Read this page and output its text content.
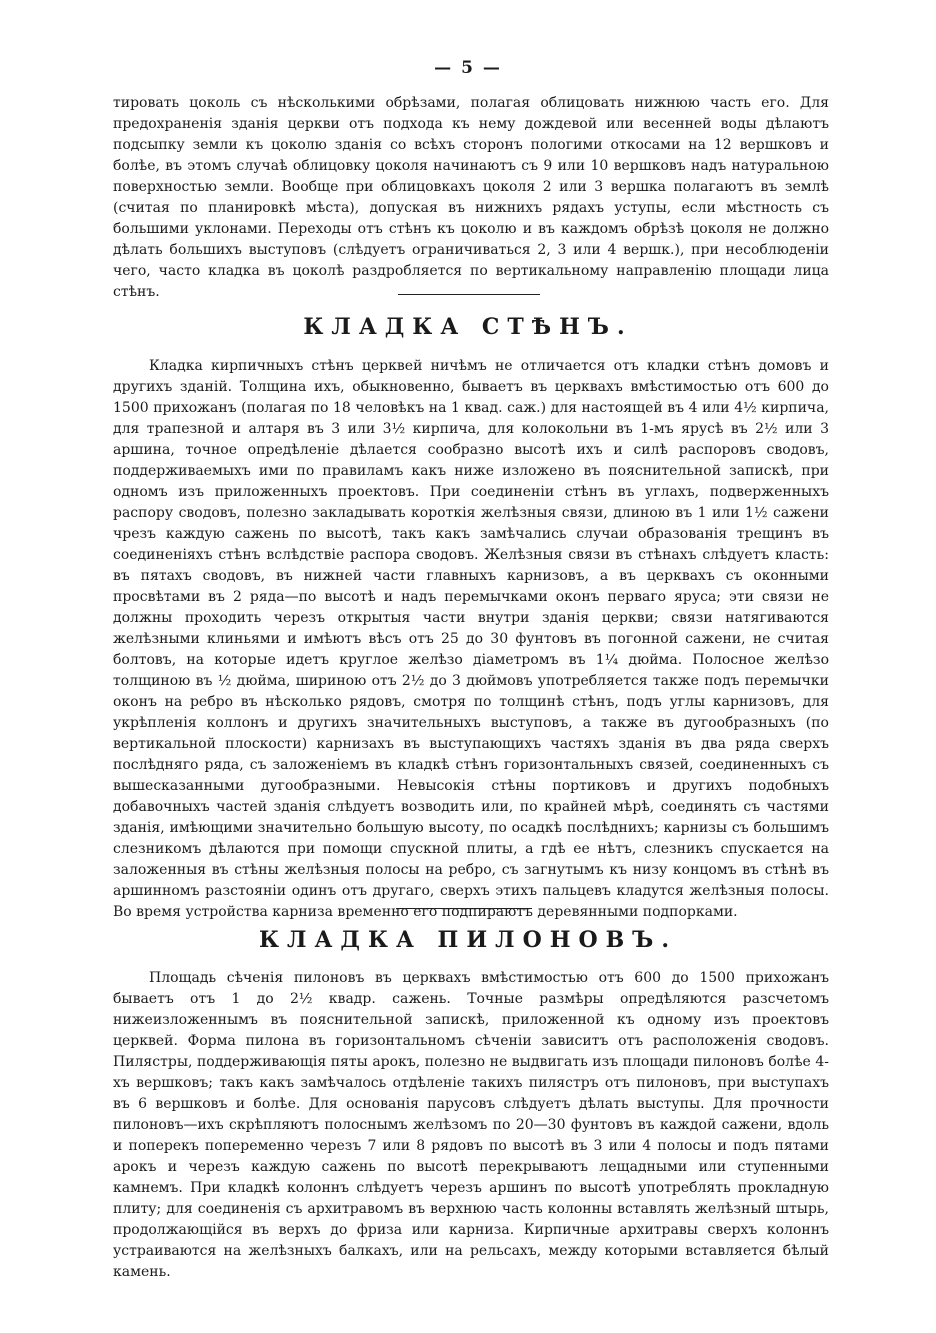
— 5 —

тировать цоколь съ нѣсколькими обрѣзами, полагая облицовать нижнюю часть его. Для предохраненія зданія церкви отъ подхода къ нему дождевой или весенней воды дѣлаютъ подсыпку земли къ цоколю зданія со всѣхъ сторонъ пологими откосами на 12 вершковъ и болѣе, въ этомъ случаѣ облицовку цоколя начинаютъ съ 9 или 10 вершковъ надъ натуральною поверхностью земли. Вообще при облицовкахъ цоколя 2 или 3 вершка полагаютъ въ землѣ (считая по планировкѣ мѣста), допуская въ нижнихъ рядахъ уступы, если мѣстность съ большими уклонами. Переходы отъ стѣнъ къ цоколю и въ каждомъ обрѣзѣ цоколя не должно дѣлать большихъ выступовъ (слѣдуетъ ограничиваться 2, 3 или 4 вершк.), при несоблюденіи чего, часто кладка въ цоколѣ раздробляется по вертикальному направленію площади лица стѣнъ.

КЛАДКА СТѢНЪ.

Кладка кирпичныхъ стѣнъ церквей ничѣмъ не отличается отъ кладки стѣнъ домовъ и другихъ зданій. Толщина ихъ, обыкновенно, бываетъ въ церквахъ вмѣстимостью отъ 600 до 1500 прихожанъ (полагая по 18 человѣкъ на 1 квад. саж.) для настоящей въ 4 или 4½ кирпича, для трапезной и алтаря въ 3 или 3½ кирпича, для колокольни въ 1-мъ ярусѣ въ 2½ или 3 аршина, точное опредѣленіе дѣлается сообразно высотѣ ихъ и силѣ распоровъ сводовъ, поддерживаемыхъ ими по правиламъ какъ ниже изложено въ пояснительной запискѣ, при одномъ изъ приложенныхъ проектовъ. При соединеніи стѣнъ въ углахъ, подверженныхъ распору сводовъ, полезно закладывать короткія желѣзныя связи, длиною въ 1 или 1½ сажени чрезъ каждую сажень по высотѣ, такъ какъ замѣчались случаи образованія трещинъ въ соединеніяхъ стѣнъ вслѣдствіе распора сводовъ. Желѣзныя связи въ стѣнахъ слѣдуетъ класть: въ пятахъ сводовъ, въ нижней части главныхъ карнизовъ, а въ церквахъ съ оконными просвѣтами въ 2 ряда—по высотѣ и надъ перемычками оконъ перваго яруса; эти связи не должны проходить черезъ открытыя части внутри зданія церкви; связи натягиваются желѣзными клиньями и имѣютъ вѣсъ отъ 25 до 30 фунтовъ въ погонной сажени, не считая болтовъ, на которые идетъ круглое желѣзо діаметромъ въ 1¼ дюйма. Полосное желѣзо толщиною въ ½ дюйма, шириною отъ 2½ до 3 дюймовъ употребляется также подъ перемычки оконъ на ребро въ нѣсколько рядовъ, смотря по толщинѣ стѣнъ, подъ углы карнизовъ, для укрѣпленія коллонъ и другихъ значительныхъ выступовъ, а также въ дугообразныхъ (по вертикальной плоскости) карнизахъ въ выступающихъ частяхъ зданія въ два ряда сверхъ послѣдняго ряда, съ заложеніемъ въ кладкѣ стѣнъ горизонтальныхъ связей, соединенныхъ съ вышесказанными дугообразными. Невысокія стѣны портиковъ и другихъ подобныхъ добавочныхъ частей зданія слѣдуетъ возводить или, по крайней мѣрѣ, соединять съ частями зданія, имѣющими значительно большую высоту, по осадкѣ послѣднихъ; карнизы съ большимъ слезникомъ дѣлаются при помощи спускной плиты, а гдѣ ее нѣтъ, слезникъ спускается на заложенныя въ стѣны желѣзныя полосы на ребро, съ загнутымъ къ низу концомъ въ стѣнѣ въ аршинномъ разстояніи одинъ отъ другаго, сверхъ этихъ пальцевъ кладутся желѣзныя полосы. Во время устройства карниза временно его подпираютъ деревянными подпорками.

КЛАДКА ПИЛОНОВЪ.

Площадь сѣченія пилоновъ въ церквахъ вмѣстимостью отъ 600 до 1500 прихожанъ бываетъ отъ 1 до 2½ квадр. сажень. Точные размѣры опредѣляются разсчетомъ нижеизложеннымъ въ пояснительной запискѣ, приложенной къ одному изъ проектовъ церквей. Форма пилона въ горизонтальномъ сѣченіи зависитъ отъ расположенія сводовъ. Пилястры, поддерживающія пяты арокъ, полезно не выдвигать изъ площади пилоновъ болѣе 4-хъ вершковъ; такъ какъ замѣчалось отдѣленіе такихъ пилястръ отъ пилоновъ, при выступахъ въ 6 вершковъ и болѣе. Для основанія парусовъ слѣдуетъ дѣлать выступы. Для прочности пилоновъ—ихъ скрѣпляютъ полоснымъ желѣзомъ по 20—30 фунтовъ въ каждой сажени, вдоль и поперекъ попеременно черезъ 7 или 8 рядовъ по высотѣ въ 3 или 4 полосы и подъ пятами арокъ и черезъ каждую сажень по высотѣ перекрываютъ лещадными или ступенными камнемъ. При кладкѣ колоннъ слѣдуетъ черезъ аршинъ по высотѣ употреблять прокладную плиту; для соединенія съ архитравомъ въ верхнюю часть колонны вставлять желѣзный штырь, продолжающійся въ верхъ до фриза или карниза. Кирпичные архитравы сверхъ колоннъ устраиваются на желѣзныхъ балкахъ, или на рельсахъ, между которыми вставляется бѣлый камень.
